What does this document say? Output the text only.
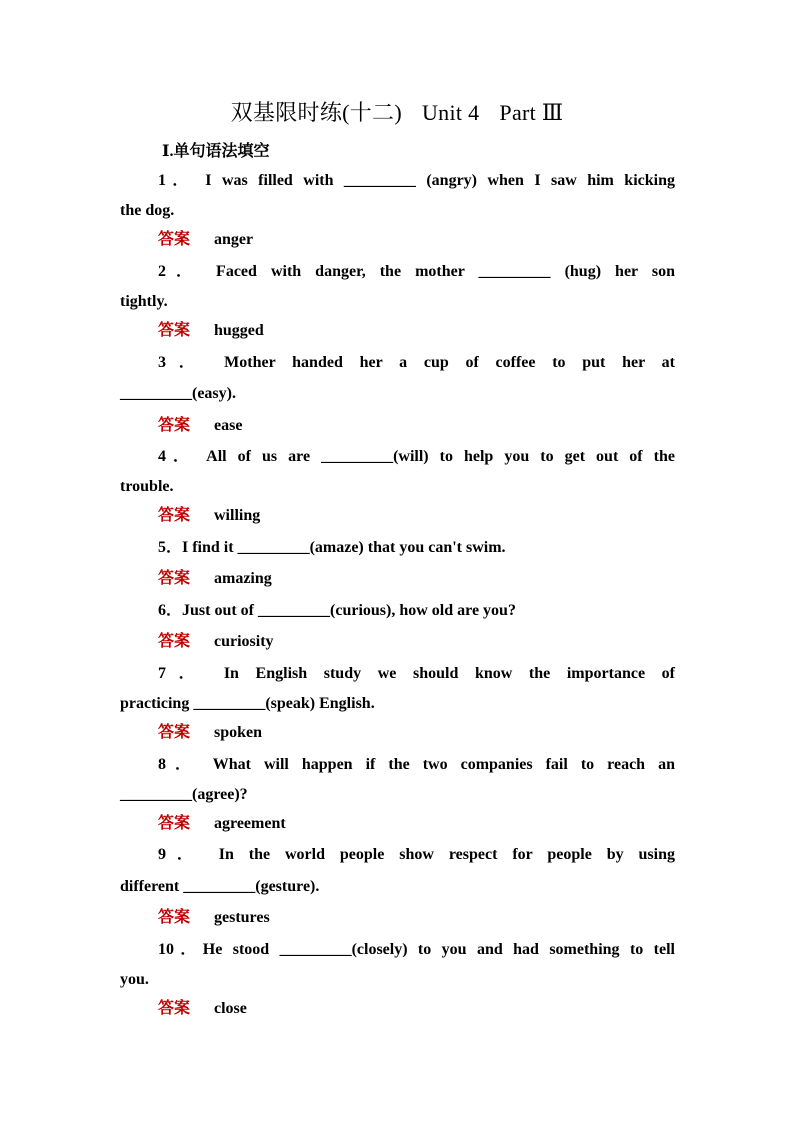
双基限时练(十二) Unit 4 Part Ⅲ
Ⅰ.单句语法填空
1． I was filled with _________ (angry) when I saw him kicking
the dog.
答案 anger
2． Faced with danger, the mother _________ (hug) her son
tightly.
答案 hugged
3． Mother handed her a cup of coffee to put her at
_________(easy).
答案 ease
4． All of us are _________(will) to help you to get out of the
trouble.
答案 willing
5．I find it _________(amaze) that you can't swim.
答案 amazing
6．Just out of _________(curious), how old are you?
答案 curiosity
7． In English study we should know the importance of
practicing _________(speak) English.
答案 spoken
8． What will happen if the two companies fail to reach an
_________(agree)?
答案 agreement
9． In the world people show respect for people by using
different _________(gesture).
答案 gestures
10．He stood _________(closely) to you and had something to tell
you.
答案 close
